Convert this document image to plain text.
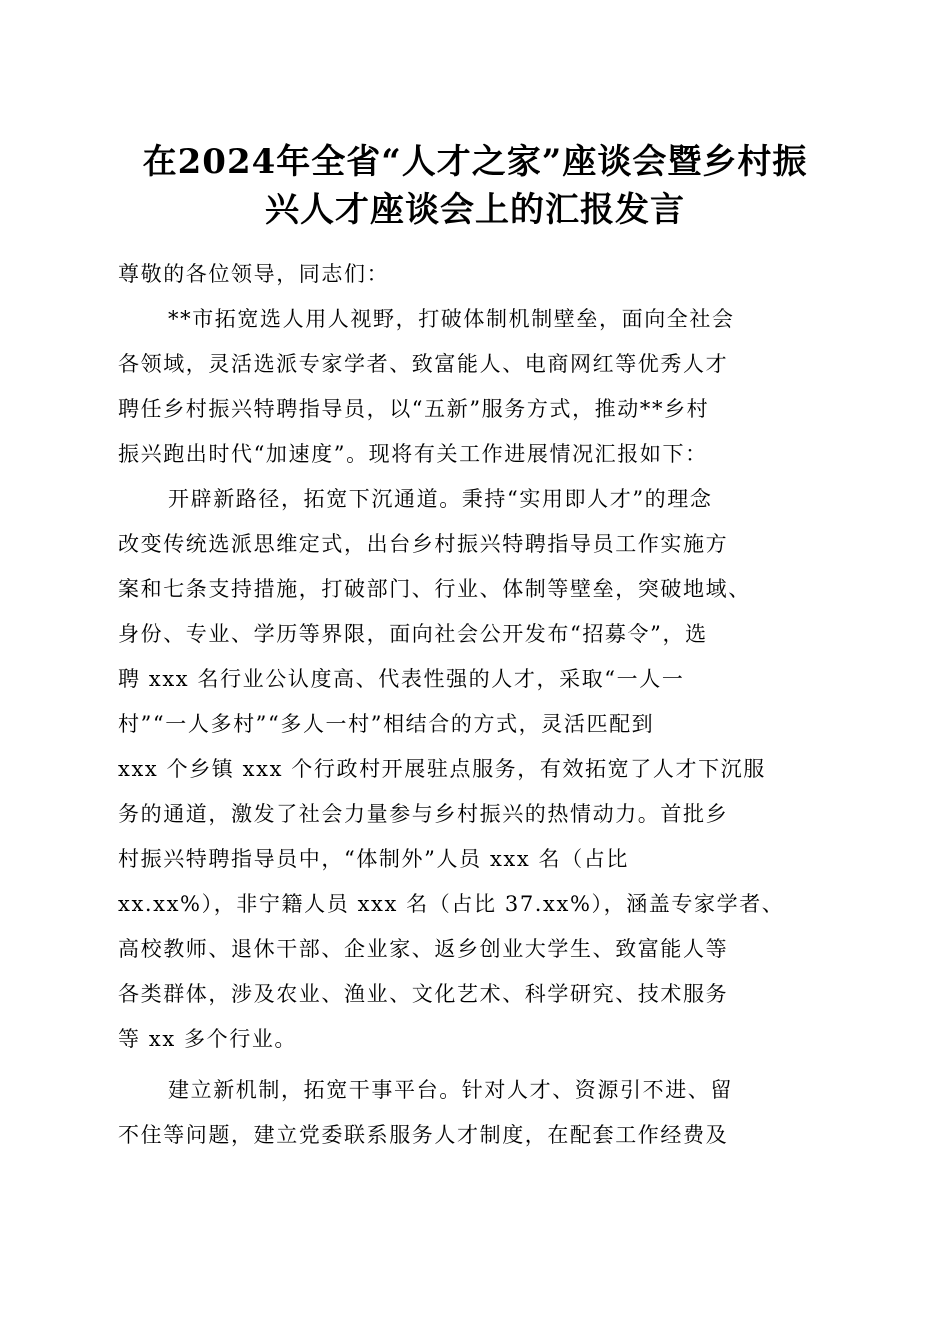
在2024年全省“人才之家”座谈会暨乡村振
兴人才座谈会上的汇报发言
尊敬的各位领导，同志们：
**市拓宽选人用人视野，打破体制机制壁垒，面向全社会
各领域，灵活选派专家学者、致富能人、电商网红等优秀人才
聘任乡村振兴特聘指导员，以“五新”服务方式，推动**乡村
振兴跑出时代“加速度”。现将有关工作进展情况汇报如下：
开辟新路径，拓宽下沉通道。秉持“实用即人才”的理念
改变传统选派思维定式，出台乡村振兴特聘指导员工作实施方
案和七条支持措施，打破部门、行业、体制等壁垒，突破地域、
身份、专业、学历等界限，面向社会公开发布“招募令”，选
聘 xxx 名行业公认度高、代表性强的人才，采取“一人一
村”“一人多村”“多人一村”相结合的方式，灵活匹配到
xxx 个乡镇 xxx 个行政村开展驻点服务，有效拓宽了人才下沉服
务的通道，激发了社会力量参与乡村振兴的热情动力。首批乡
村振兴特聘指导员中，“体制外”人员 xxx 名（占比
xx.xx%），非宁籍人员 xxx 名（占比 37.xx%），涵盖专家学者、
高校教师、退休干部、企业家、返乡创业大学生、致富能人等
各类群体，涉及农业、渔业、文化艺术、科学研究、技术服务
等 xx 多个行业。
建立新机制，拓宽干事平台。针对人才、资源引不进、留
不住等问题，建立党委联系服务人才制度，在配套工作经费及
